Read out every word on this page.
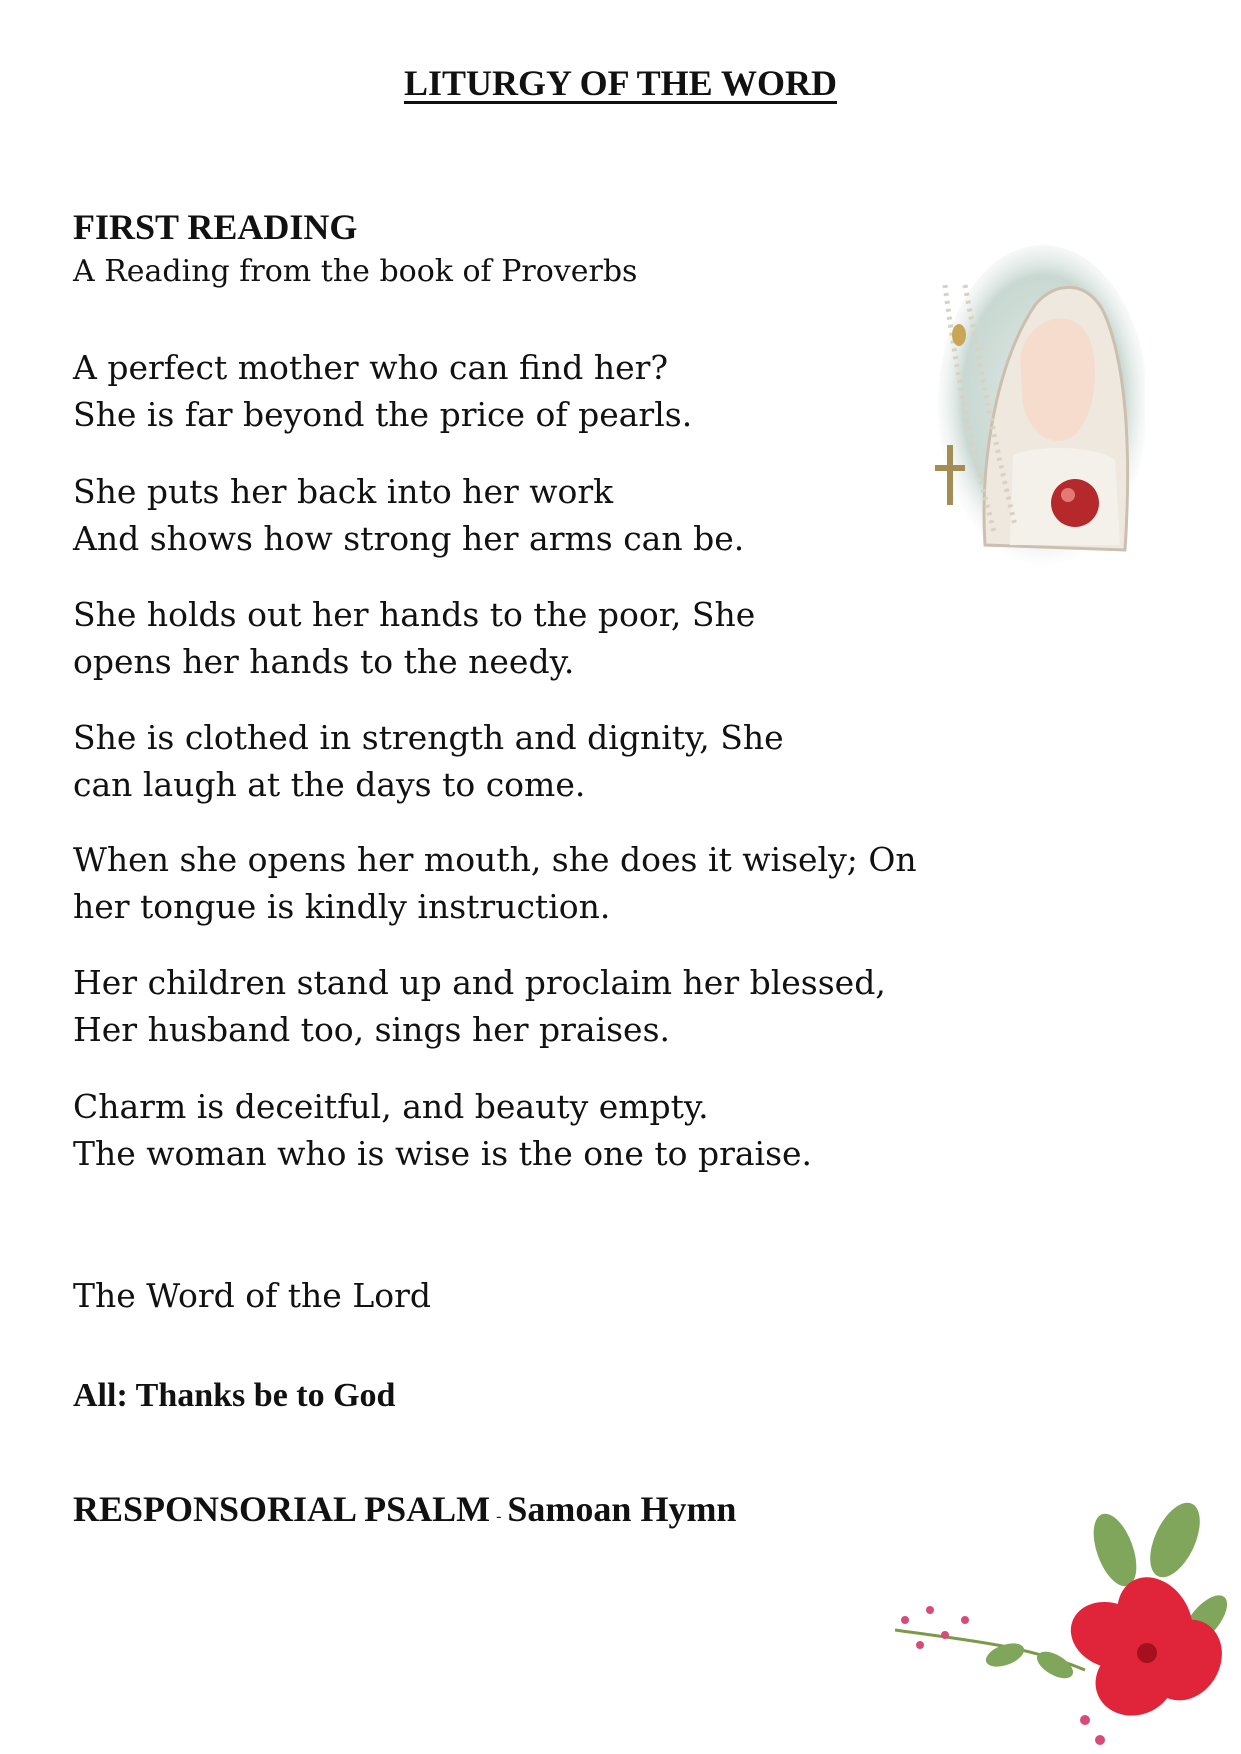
LITURGY OF THE WORD
FIRST READING
A Reading from the book of Proverbs
A perfect mother who can find her?
She is far beyond the price of pearls.
She puts her back into her work
And shows how strong her arms can be.
She holds out her hands to the poor, She
opens her hands to the needy.
She is clothed in strength and dignity, She
can laugh at the days to come.
When she opens her mouth, she does it wisely; On
her tongue is kindly instruction.
Her children stand up and proclaim her blessed,
Her husband too, sings her praises.
Charm is deceitful, and beauty empty.
The woman who is wise is the one to praise.
The Word of the Lord
All: Thanks be to God
RESPONSORIAL PSALM - Samoan Hymn
